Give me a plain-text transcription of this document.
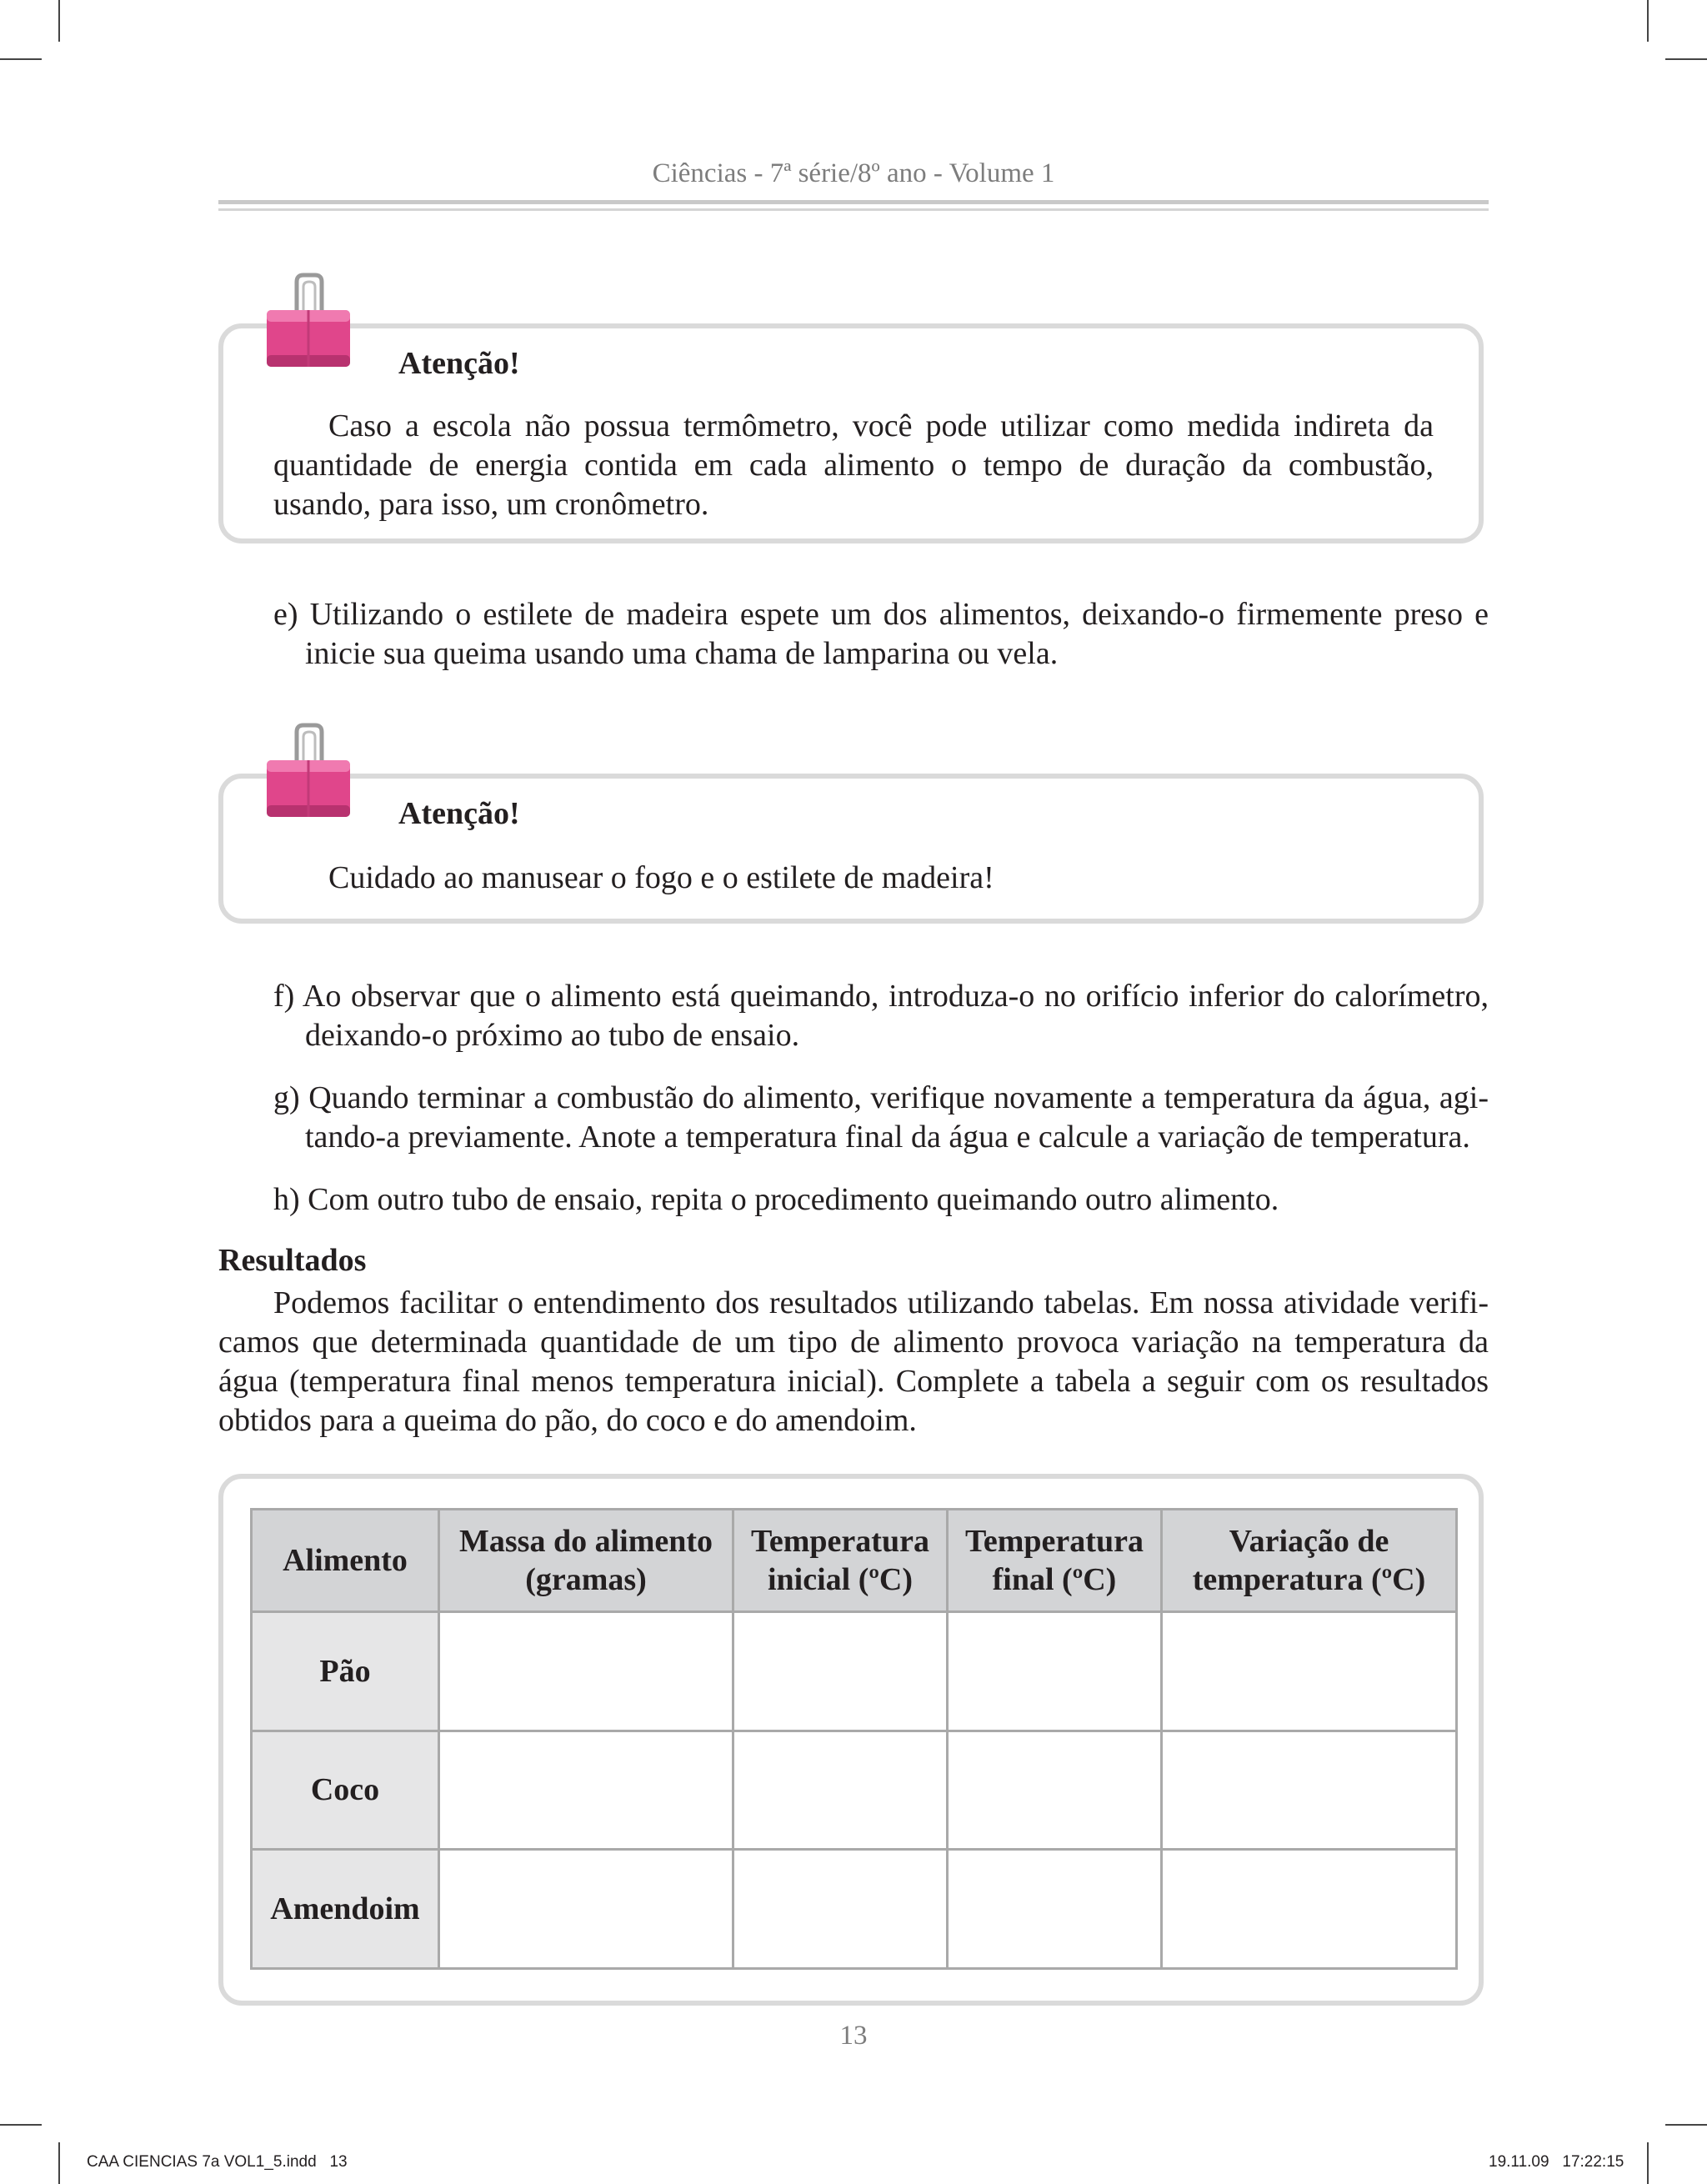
Ciências - 7ª série/8º ano - Volume 1
Atenção!
Caso a escola não possua termômetro, você pode utilizar como medida indireta da quantidade de energia contida em cada alimento o tempo de duração da combustão, usando, para isso, um cronômetro.
e) Utilizando o estilete de madeira espete um dos alimentos, deixando-o firmemente preso e inicie sua queima usando uma chama de lamparina ou vela.
Atenção!
Cuidado ao manusear o fogo e o estilete de madeira!
f) Ao observar que o alimento está queimando, introduza-o no orifício inferior do calorímetro, deixando-o próximo ao tubo de ensaio.
g) Quando terminar a combustão do alimento, verifique novamente a temperatura da água, agi-tando-a previamente. Anote a temperatura final da água e calcule a variação de temperatura.
h) Com outro tubo de ensaio, repita o procedimento queimando outro alimento.
Resultados
Podemos facilitar o entendimento dos resultados utilizando tabelas. Em nossa atividade verifi-camos que determinada quantidade de um tipo de alimento provoca variação na temperatura da água (temperatura final menos temperatura inicial). Complete a tabela a seguir com os resultados obtidos para a queima do pão, do coco e do amendoim.
Alimento	Massa do alimento (gramas)	Temperatura inicial (ºC)	Temperatura final (ºC)	Variação de temperatura (ºC)
Pão				
Coco				
Amendoim				
13
CAA CIENCIAS 7a VOL1_5.indd   13	19.11.09   17:22:15
